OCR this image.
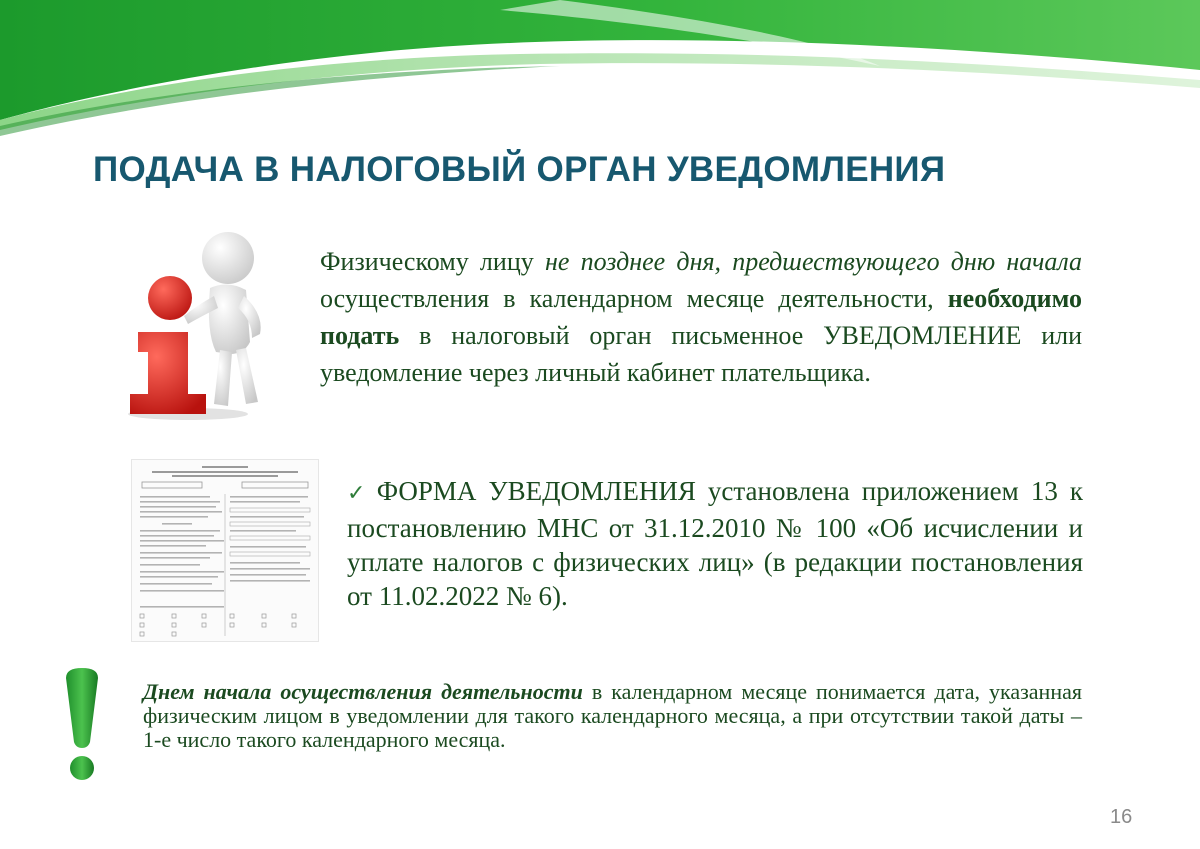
ПОДАЧА В НАЛОГОВЫЙ ОРГАН УВЕДОМЛЕНИЯ

Физическому лицу не позднее дня, предшествующего дню начала осуществления в календарном месяце деятельности, необходимо подать в налоговый орган письменное УВЕДОМЛЕНИЕ или уведомление через личный кабинет плательщика.

✓ ФОРМА УВЕДОМЛЕНИЯ установлена приложением 13 к постановлению МНС от 31.12.2010 № 100 «Об исчислении и уплате налогов с физических лиц» (в редакции постановления от 11.02.2022 № 6).

Днем начала осуществления деятельности в календарном месяце понимается дата, указанная физическим лицом в уведомлении для такого календарного месяца, а при отсутствии такой даты – 1-е число такого календарного месяца.

16
